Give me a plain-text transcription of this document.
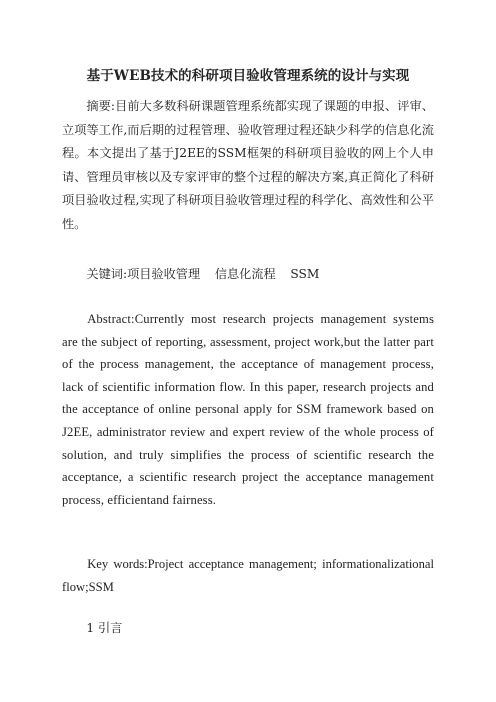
基于WEB技术的科研项目验收管理系统的设计与实现
摘要:目前大多数科研课题管理系统都实现了课题的申报、评审、立项等工作,而后期的过程管理、验收管理过程还缺少科学的信息化流程。本文提出了基于J2EE的SSM框架的科研项目验收的网上个人申请、管理员审核以及专家评审的整个过程的解决方案,真正简化了科研项目验收过程,实现了科研项目验收管理过程的科学化、高效性和公平性。
关键词:项目验收管理 信息化流程 SSM
Abstract:Currently most research projects management systems are the subject of reporting, assessment, project work,but the latter part of the process management, the acceptance of management process, lack of scientific information flow. In this paper, research projects and the acceptance of online personal apply for SSM framework based on J2EE, administrator review and expert review of the whole process of solution, and truly simplifies the process of scientific research the acceptance, a scientific research project the acceptance management process, efficientand fairness.
Key words:Project acceptance management; informationalizational flow;SSM
1 引言
